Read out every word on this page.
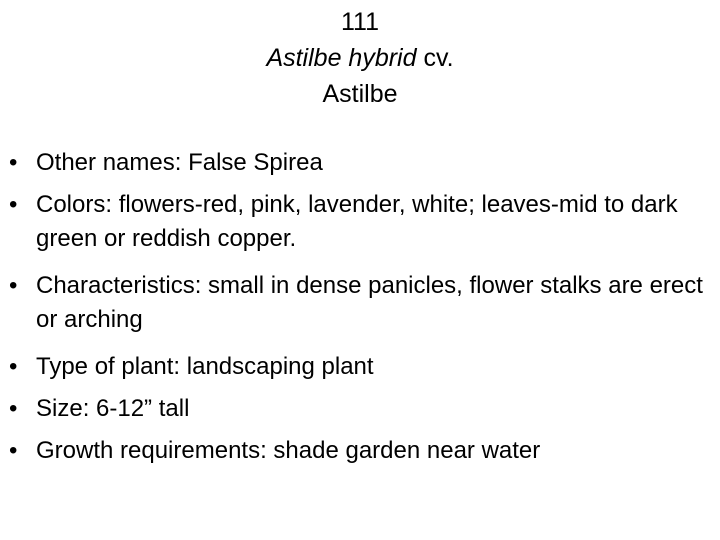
111
Astilbe hybrid cv.
Astilbe
• Other names: False Spirea
• Colors: flowers-red, pink, lavender, white; leaves-mid to dark green or reddish copper.
• Characteristics: small in dense panicles, flower stalks are erect or arching
• Type of plant: landscaping plant
• Size: 6-12” tall
• Growth requirements: shade garden near water
